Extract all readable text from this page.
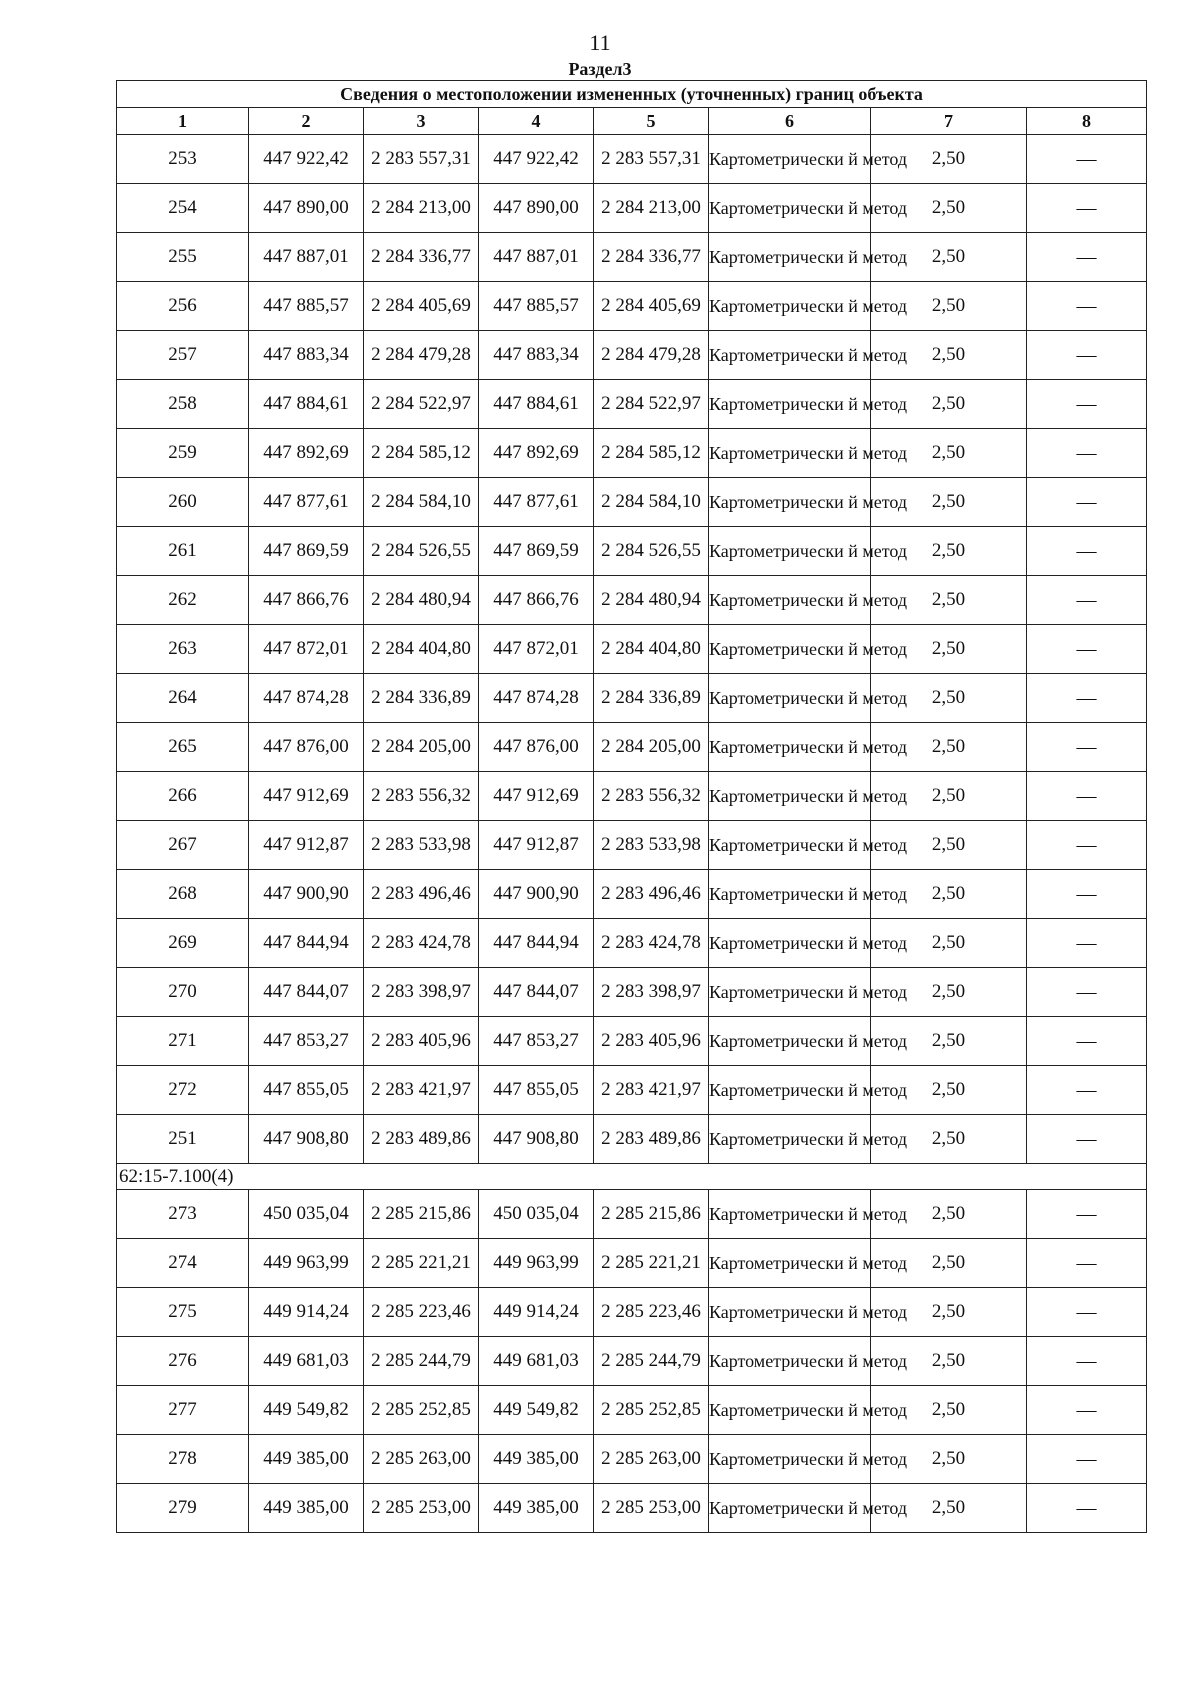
11
Раздел3
Сведения о местоположении измененных (уточненных) границ объекта							
1	2	3	4	5	6	7	8
253	447 922,42	2 283 557,31	447 922,42	2 283 557,31	Картометрически й метод	2,50	—
254	447 890,00	2 284 213,00	447 890,00	2 284 213,00	Картометрически й метод	2,50	—
255	447 887,01	2 284 336,77	447 887,01	2 284 336,77	Картометрически й метод	2,50	—
256	447 885,57	2 284 405,69	447 885,57	2 284 405,69	Картометрически й метод	2,50	—
257	447 883,34	2 284 479,28	447 883,34	2 284 479,28	Картометрически й метод	2,50	—
258	447 884,61	2 284 522,97	447 884,61	2 284 522,97	Картометрически й метод	2,50	—
259	447 892,69	2 284 585,12	447 892,69	2 284 585,12	Картометрически й метод	2,50	—
260	447 877,61	2 284 584,10	447 877,61	2 284 584,10	Картометрически й метод	2,50	—
261	447 869,59	2 284 526,55	447 869,59	2 284 526,55	Картометрически й метод	2,50	—
262	447 866,76	2 284 480,94	447 866,76	2 284 480,94	Картометрически й метод	2,50	—
263	447 872,01	2 284 404,80	447 872,01	2 284 404,80	Картометрически й метод	2,50	—
264	447 874,28	2 284 336,89	447 874,28	2 284 336,89	Картометрически й метод	2,50	—
265	447 876,00	2 284 205,00	447 876,00	2 284 205,00	Картометрически й метод	2,50	—
266	447 912,69	2 283 556,32	447 912,69	2 283 556,32	Картометрически й метод	2,50	—
267	447 912,87	2 283 533,98	447 912,87	2 283 533,98	Картометрически й метод	2,50	—
268	447 900,90	2 283 496,46	447 900,90	2 283 496,46	Картометрически й метод	2,50	—
269	447 844,94	2 283 424,78	447 844,94	2 283 424,78	Картометрически й метод	2,50	—
270	447 844,07	2 283 398,97	447 844,07	2 283 398,97	Картометрически й метод	2,50	—
271	447 853,27	2 283 405,96	447 853,27	2 283 405,96	Картометрически й метод	2,50	—
272	447 855,05	2 283 421,97	447 855,05	2 283 421,97	Картометрически й метод	2,50	—
251	447 908,80	2 283 489,86	447 908,80	2 283 489,86	Картометрически й метод	2,50	—
62:15-7.100(4)							
273	450 035,04	2 285 215,86	450 035,04	2 285 215,86	Картометрически й метод	2,50	—
274	449 963,99	2 285 221,21	449 963,99	2 285 221,21	Картометрически й метод	2,50	—
275	449 914,24	2 285 223,46	449 914,24	2 285 223,46	Картометрически й метод	2,50	—
276	449 681,03	2 285 244,79	449 681,03	2 285 244,79	Картометрически й метод	2,50	—
277	449 549,82	2 285 252,85	449 549,82	2 285 252,85	Картометрически й метод	2,50	—
278	449 385,00	2 285 263,00	449 385,00	2 285 263,00	Картометрически й метод	2,50	—
279	449 385,00	2 285 253,00	449 385,00	2 285 253,00	Картометрически й метод	2,50	—
